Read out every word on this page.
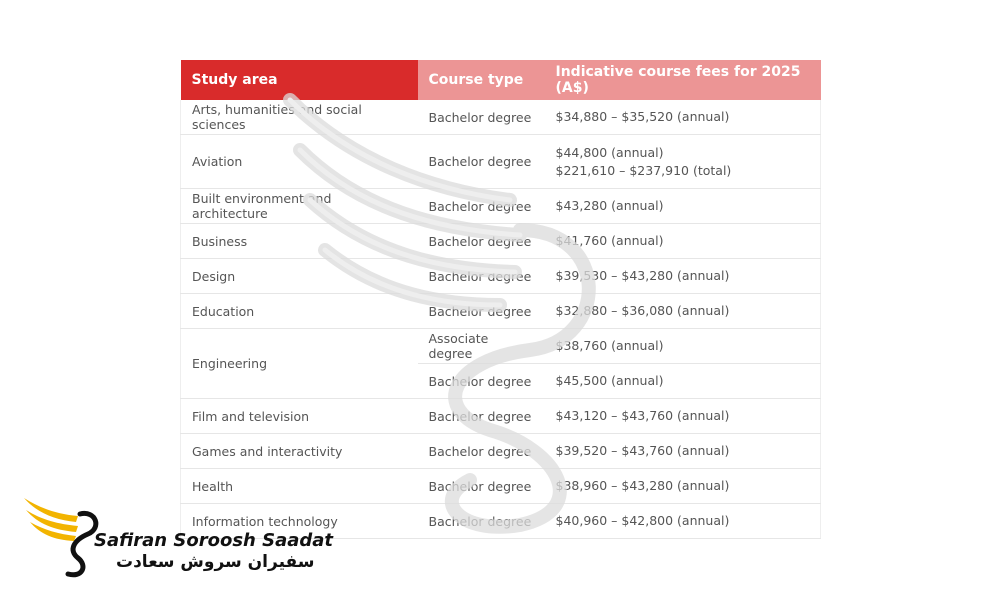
Study area	Course type	Indicative course fees for 2025 (A$)
Arts, humanities and social sciences	Bachelor degree	$34,880 – $35,520 (annual)

Aviation	Bachelor degree	$44,800 (annual)
$221,610 – $237,910 (total)

Built environment and architecture	Bachelor degree	$43,280 (annual)

Business	Bachelor degree	$41,760 (annual)

Design	Bachelor degree	$39,530 – $43,280 (annual)

Education	Bachelor degree	$32,880 – $36,080 (annual)

Engineering	Associate degree	$38,760 (annual)

	Bachelor degree	$45,500 (annual)

Film and television	Bachelor degree	$43,120 – $43,760 (annual)

Games and interactivity	Bachelor degree	$39,520 – $43,760 (annual)

Health	Bachelor degree	$38,960 – $43,280 (annual)

Information technology	Bachelor degree	$40,960 – $42,800 (annual)
Safiran Soroosh Saadat
سفیران سروش سعادت
